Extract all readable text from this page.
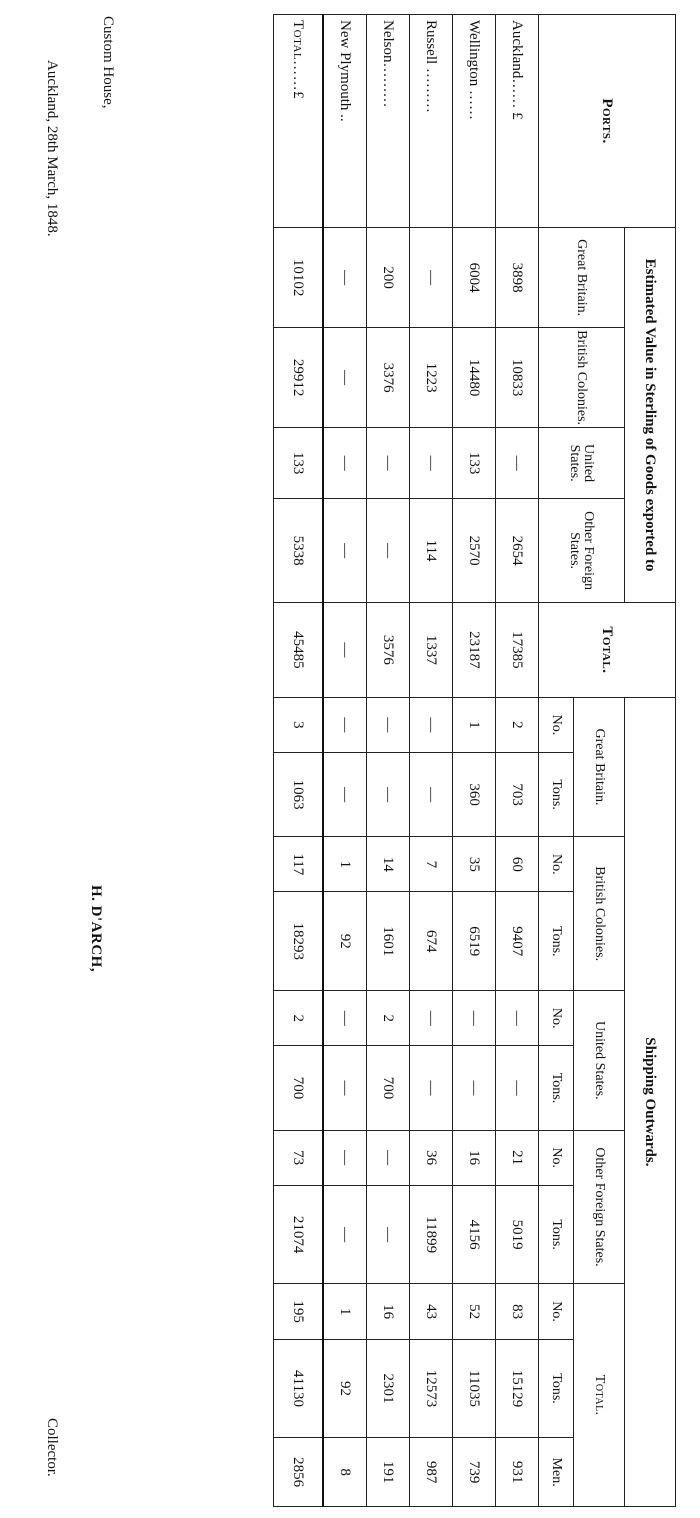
Ports.	Estimated Value in Sterling of Goods exported to				Total.	Shipping Outwards.										
	Great Britain.	British Colonies.	United States.	Other Foreign States.		Great Britain.		British Colonies.		United States.		Other Foreign States.		Total.		
						No.	Tons.	No.	Tons.	No.	Tons.	No.	Tons.	No.	Tons.	Men.
Auckland…… £	3898	10833	—	2654	17385	2	703	60	9407	—	—	21	5019	83	15129	931
Wellington ……	6004	14480	133	2570	23187	1	360	35	6519	—	—	16	4156	52	11035	739
Russell ………	—	1223	—	114	1337	—	—	7	674	—	—	36	11899	43	12573	987
Nelson………	200	3376	—	—	3576	—	—	14	1601	2	700	—	—	16	2301	191
New Plymouth ..	—	—	—	—	—	—	—	1	92	—	—	—	—	1	92	8
Total……£	10102	29912	133	5338	45485	3	1063	117	18293	2	700	73	21074	195	41130	2856
Custom House,
Auckland, 28th March, 1848.
H. D'ARCH,
Collector.
